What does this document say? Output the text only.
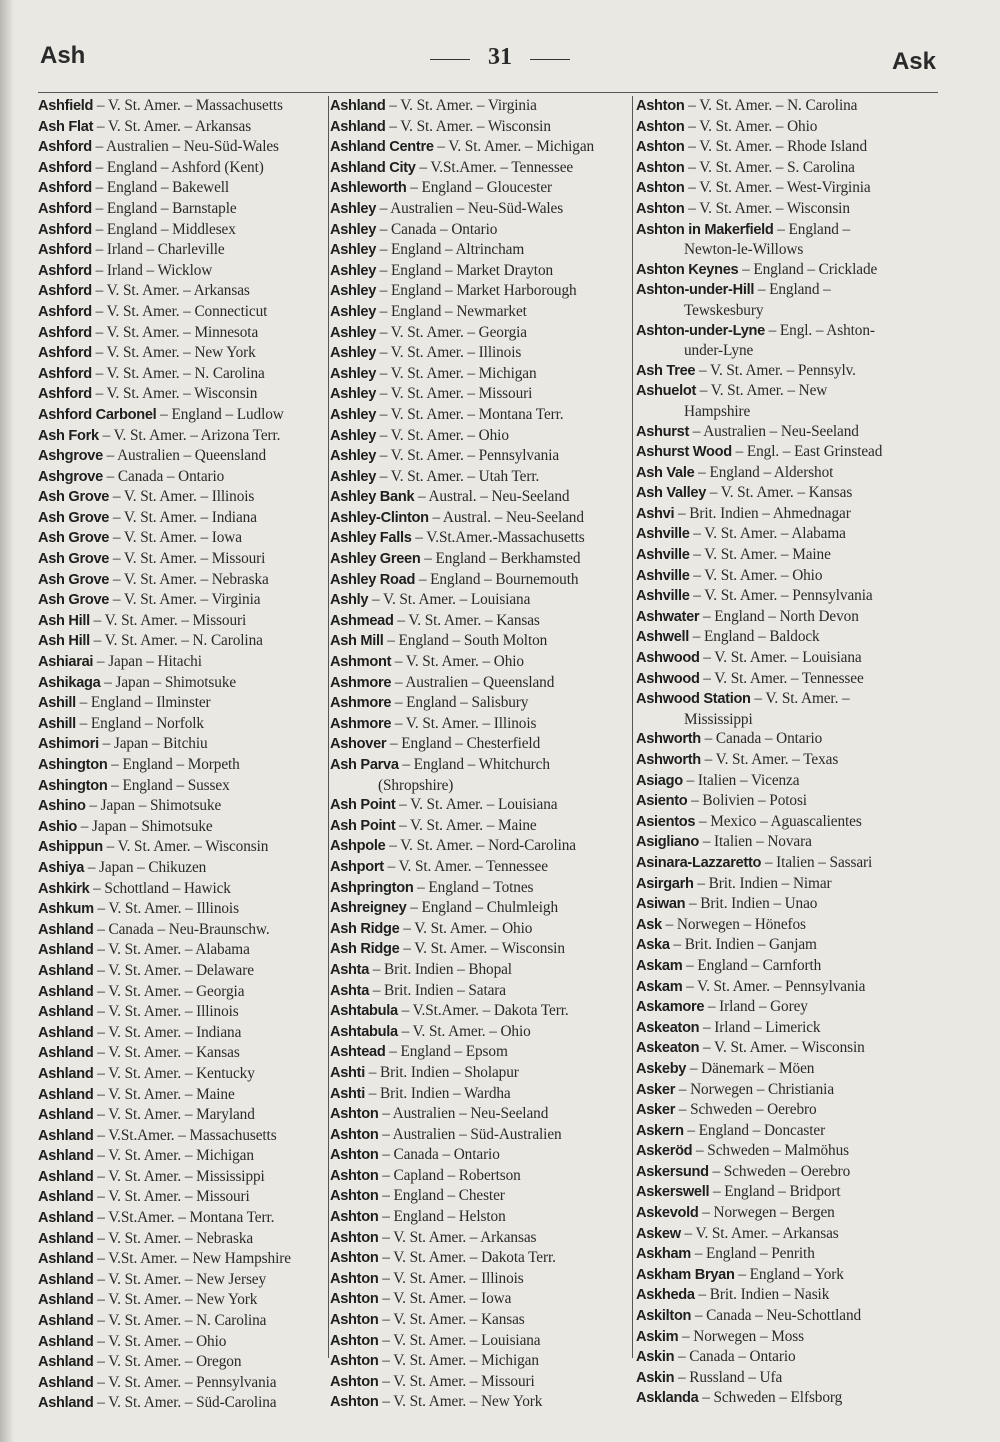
Ash	31	Ask
Ashfield – V. St. Amer. – Massachusetts
Ash Flat – V. St. Amer. – Arkansas
Ashford – Australien – Neu-Süd-Wales
Ashford – England – Ashford (Kent)
Ashford – England – Bakewell
Ashford – England – Barnstaple
Ashford – England – Middlesex
Ashford – Irland – Charleville
Ashford – Irland – Wicklow
Ashford – V. St. Amer. – Arkansas
Ashford – V. St. Amer. – Connecticut
Ashford – V. St. Amer. – Minnesota
Ashford – V. St. Amer. – New York
Ashford – V. St. Amer. – N. Carolina
Ashford – V. St. Amer. – Wisconsin
Ashford Carbonel – England – Ludlow
Ash Fork – V. St. Amer. – Arizona Terr.
Ashgrove – Australien – Queensland
Ashgrove – Canada – Ontario
Ash Grove – V. St. Amer. – Illinois
Ash Grove – V. St. Amer. – Indiana
Ash Grove – V. St. Amer. – Iowa
Ash Grove – V. St. Amer. – Missouri
Ash Grove – V. St. Amer. – Nebraska
Ash Grove – V. St. Amer. – Virginia
Ash Hill – V. St. Amer. – Missouri
Ash Hill – V. St. Amer. – N. Carolina
Ashiarai – Japan – Hitachi
Ashikaga – Japan – Shimotsuke
Ashill – England – Ilminster
Ashill – England – Norfolk
Ashimori – Japan – Bitchiu
Ashington – England – Morpeth
Ashington – England – Sussex
Ashino – Japan – Shimotsuke
Ashio – Japan – Shimotsuke
Ashippun – V. St. Amer. – Wisconsin
Ashiya – Japan – Chikuzen
Ashkirk – Schottland – Hawick
Ashkum – V. St. Amer. – Illinois
Ashland – Canada – Neu-Braunschw.
Ashland – V. St. Amer. – Alabama
Ashland – V. St. Amer. – Delaware
Ashland – V. St. Amer. – Georgia
Ashland – V. St. Amer. – Illinois
Ashland – V. St. Amer. – Indiana
Ashland – V. St. Amer. – Kansas
Ashland – V. St. Amer. – Kentucky
Ashland – V. St. Amer. – Maine
Ashland – V. St. Amer. – Maryland
Ashland – V.St.Amer. – Massachusetts
Ashland – V. St. Amer. – Michigan
Ashland – V. St. Amer. – Mississippi
Ashland – V. St. Amer. – Missouri
Ashland – V.St.Amer. – Montana Terr.
Ashland – V. St. Amer. – Nebraska
Ashland – V.St. Amer. – New Hampshire
Ashland – V. St. Amer. – New Jersey
Ashland – V. St. Amer. – New York
Ashland – V. St. Amer. – N. Carolina
Ashland – V. St. Amer. – Ohio
Ashland – V. St. Amer. – Oregon
Ashland – V. St. Amer. – Pennsylvania
Ashland – V. St. Amer. – Süd-Carolina
Ashland – V. St. Amer. – Virginia
Ashland – V. St. Amer. – Wisconsin
Ashland Centre – V. St. Amer. – Michigan
Ashland City – V.St.Amer. – Tennessee
Ashleworth – England – Gloucester
Ashley – Australien – Neu-Süd-Wales
Ashley – Canada – Ontario
Ashley – England – Altrincham
Ashley – England – Market Drayton
Ashley – England – Market Harborough
Ashley – England – Newmarket
Ashley – V. St. Amer. – Georgia
Ashley – V. St. Amer. – Illinois
Ashley – V. St. Amer. – Michigan
Ashley – V. St. Amer. – Missouri
Ashley – V. St. Amer. – Montana Terr.
Ashley – V. St. Amer. – Ohio
Ashley – V. St. Amer. – Pennsylvania
Ashley – V. St. Amer. – Utah Terr.
Ashley Bank – Austral. – Neu-Seeland
Ashley-Clinton – Austral. – Neu-Seeland
Ashley Falls – V.St.Amer.-Massachusetts
Ashley Green – England – Berkhamsted
Ashley Road – England – Bournemouth
Ashly – V. St. Amer. – Louisiana
Ashmead – V. St. Amer. – Kansas
Ash Mill – England – South Molton
Ashmont – V. St. Amer. – Ohio
Ashmore – Australien – Queensland
Ashmore – England – Salisbury
Ashmore – V. St. Amer. – Illinois
Ashover – England – Chesterfield
Ash Parva – England – Whitchurch
(Shropshire)
Ash Point – V. St. Amer. – Louisiana
Ash Point – V. St. Amer. – Maine
Ashpole – V. St. Amer. – Nord-Carolina
Ashport – V. St. Amer. – Tennessee
Ashprington – England – Totnes
Ashreigney – England – Chulmleigh
Ash Ridge – V. St. Amer. – Ohio
Ash Ridge – V. St. Amer. – Wisconsin
Ashta – Brit. Indien – Bhopal
Ashta – Brit. Indien – Satara
Ashtabula – V.St.Amer. – Dakota Terr.
Ashtabula – V. St. Amer. – Ohio
Ashtead – England – Epsom
Ashti – Brit. Indien – Sholapur
Ashti – Brit. Indien – Wardha
Ashton – Australien – Neu-Seeland
Ashton – Australien – Süd-Australien
Ashton – Canada – Ontario
Ashton – Capland – Robertson
Ashton – England – Chester
Ashton – England – Helston
Ashton – V. St. Amer. – Arkansas
Ashton – V. St. Amer. – Dakota Terr.
Ashton – V. St. Amer. – Illinois
Ashton – V. St. Amer. – Iowa
Ashton – V. St. Amer. – Kansas
Ashton – V. St. Amer. – Louisiana
Ashton – V. St. Amer. – Michigan
Ashton – V. St. Amer. – Missouri
Ashton – V. St. Amer. – New York
Ashton – V. St. Amer. – N. Carolina
Ashton – V. St. Amer. – Ohio
Ashton – V. St. Amer. – Rhode Island
Ashton – V. St. Amer. – S. Carolina
Ashton – V. St. Amer. – West-Virginia
Ashton – V. St. Amer. – Wisconsin
Ashton in Makerfield – England –
Newton-le-Willows
Ashton Keynes – England – Cricklade
Ashton-under-Hill – England –
Tewskesbury
Ashton-under-Lyne – Engl. – Ashton-
under-Lyne
Ash Tree – V. St. Amer. – Pennsylv.
Ashuelot – V. St. Amer. – New
Hampshire
Ashurst – Australien – Neu-Seeland
Ashurst Wood – Engl. – East Grinstead
Ash Vale – England – Aldershot
Ash Valley – V. St. Amer. – Kansas
Ashvi – Brit. Indien – Ahmednagar
Ashville – V. St. Amer. – Alabama
Ashville – V. St. Amer. – Maine
Ashville – V. St. Amer. – Ohio
Ashville – V. St. Amer. – Pennsylvania
Ashwater – England – North Devon
Ashwell – England – Baldock
Ashwood – V. St. Amer. – Louisiana
Ashwood – V. St. Amer. – Tennessee
Ashwood Station – V. St. Amer. –
Mississippi
Ashworth – Canada – Ontario
Ashworth – V. St. Amer. – Texas
Asiago – Italien – Vicenza
Asiento – Bolivien – Potosi
Asientos – Mexico – Aguascalientes
Asigliano – Italien – Novara
Asinara-Lazzaretto – Italien – Sassari
Asirgarh – Brit. Indien – Nimar
Asiwan – Brit. Indien – Unao
Ask – Norwegen – Hönefos
Aska – Brit. Indien – Ganjam
Askam – England – Carnforth
Askam – V. St. Amer. – Pennsylvania
Askamore – Irland – Gorey
Askeaton – Irland – Limerick
Askeaton – V. St. Amer. – Wisconsin
Askeby – Dänemark – Möen
Asker – Norwegen – Christiania
Asker – Schweden – Oerebro
Askern – England – Doncaster
Askeröd – Schweden – Malmöhus
Askersund – Schweden – Oerebro
Askerswell – England – Bridport
Askevold – Norwegen – Bergen
Askew – V. St. Amer. – Arkansas
Askham – England – Penrith
Askham Bryan – England – York
Askheda – Brit. Indien – Nasik
Askilton – Canada – Neu-Schottland
Askim – Norwegen – Moss
Askin – Canada – Ontario
Askin – Russland – Ufa
Asklanda – Schweden – Elfsborg
